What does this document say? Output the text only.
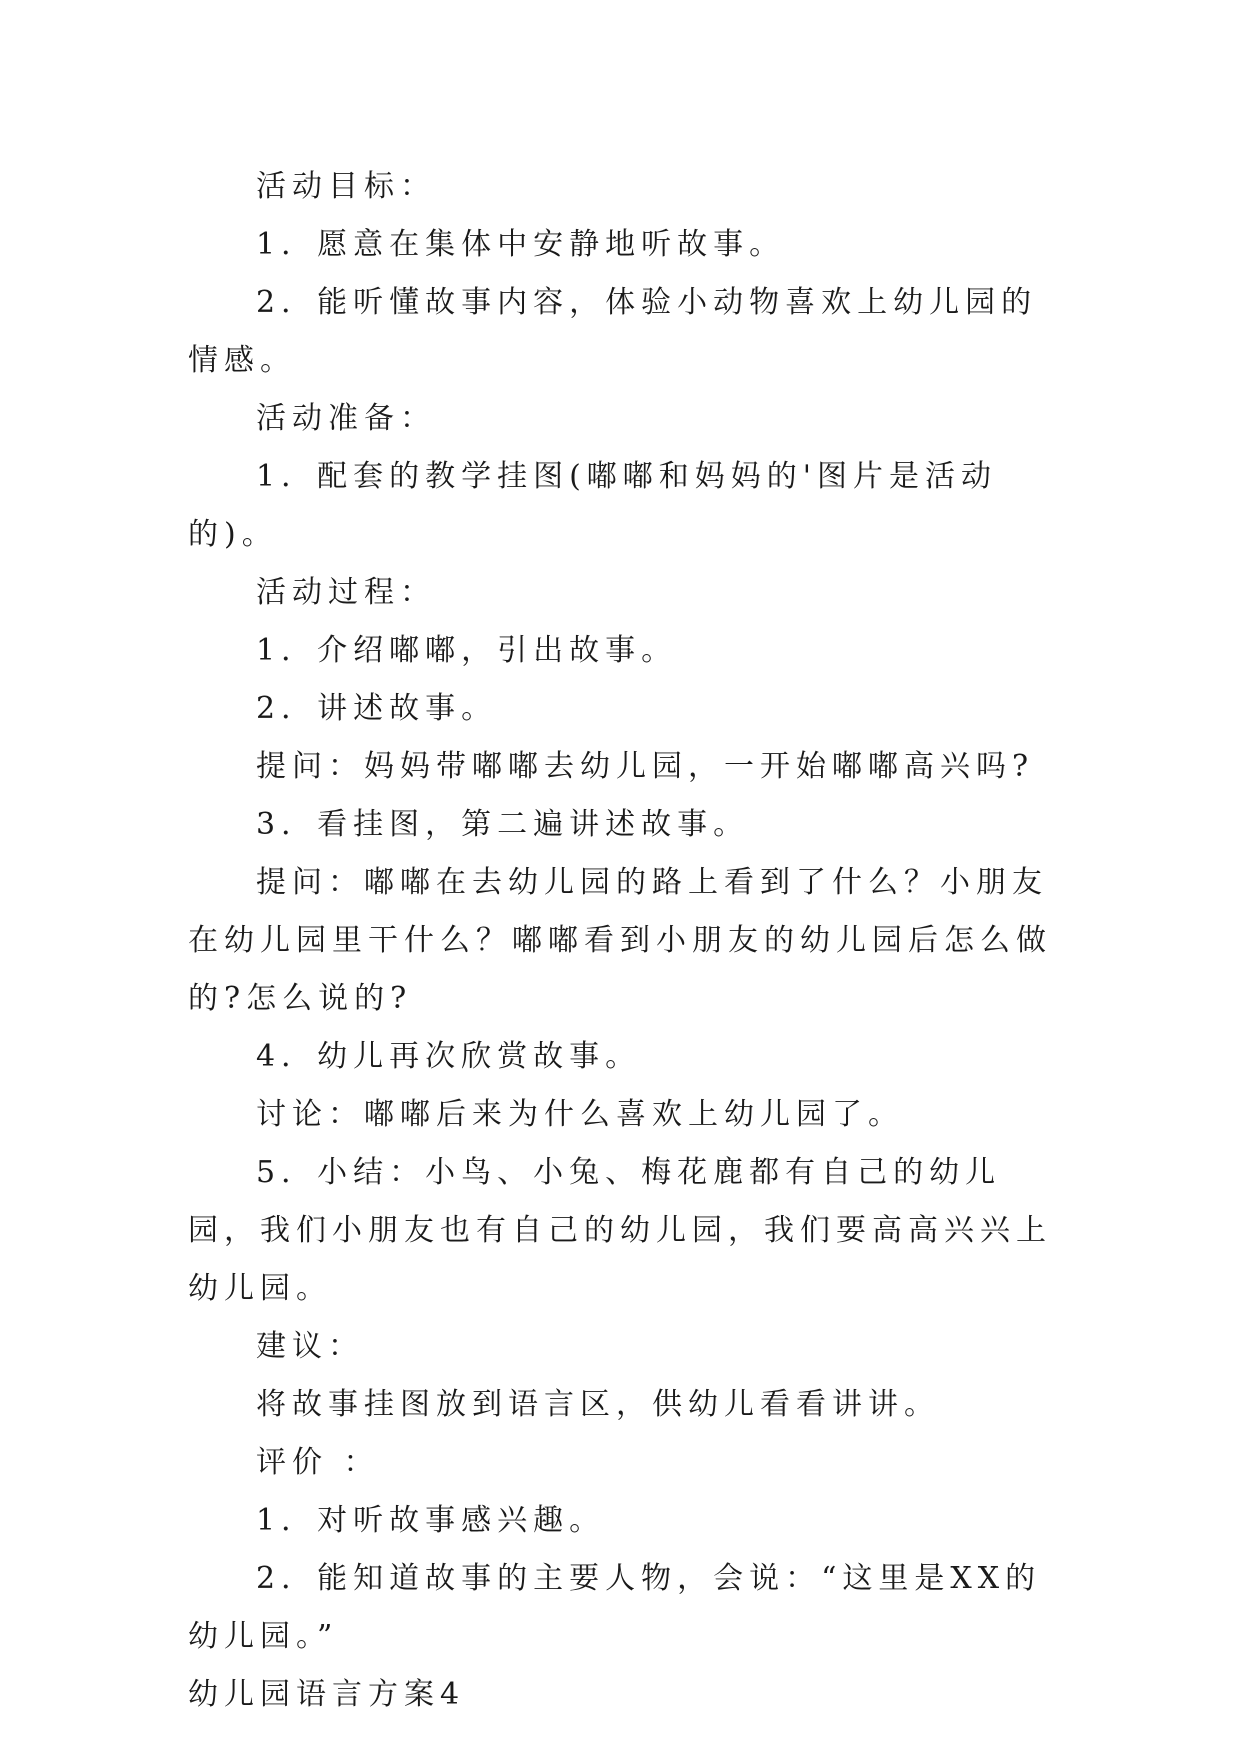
活动目标：

1．愿意在集体中安静地听故事。

2．能听懂故事内容，体验小动物喜欢上幼儿园的情感。

活动准备：

1．配套的教学挂图(嘟嘟和妈妈的'图片是活动的)。

活动过程：

1．介绍嘟嘟，引出故事。

2．讲述故事。

提问：妈妈带嘟嘟去幼儿园，一开始嘟嘟高兴吗?

3．看挂图，第二遍讲述故事。

提问：嘟嘟在去幼儿园的路上看到了什么？小朋友在幼儿园里干什么？嘟嘟看到小朋友的幼儿园后怎么做的?怎么说的?

4．幼儿再次欣赏故事。

讨论：嘟嘟后来为什么喜欢上幼儿园了。

5．小结：小鸟、小兔、梅花鹿都有自己的幼儿园，我们小朋友也有自己的幼儿园，我们要高高兴兴上幼儿园。

建议：

将故事挂图放到语言区，供幼儿看看讲讲。

评价 ：

1．对听故事感兴趣。

2．能知道故事的主要人物，会说：“这里是XX的幼儿园。”

幼儿园语言方案4
